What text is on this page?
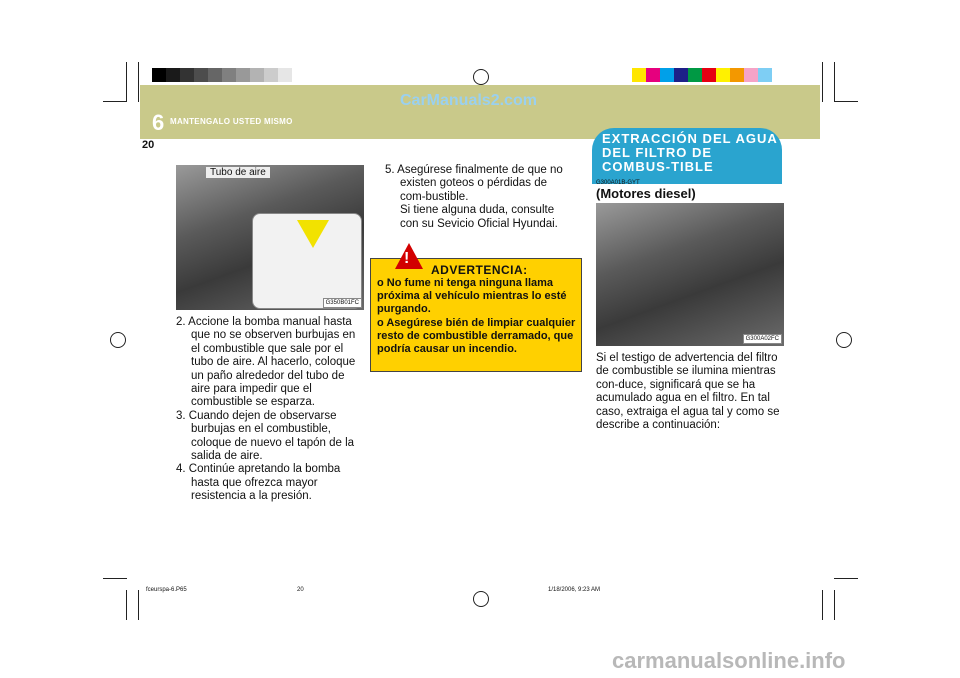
CarManuals2.com
6 MANTENGALO USTED MISMO
20
Tubo de aire
G350B01FC

2. Accione la bomba manual hasta que no se observen burbujas en el combustible que sale por el tubo de aire. Al hacerlo, coloque un paño alrededor del tubo de aire para impedir que el combustible se esparza.

3. Cuando dejen de observarse burbujas en el combustible, coloque de nuevo el tapón de la salida de aire.

4. Continúe apretando la bomba hasta que ofrezca mayor resistencia a la presión.

5. Asegúrese finalmente de que no existen goteos o pérdidas de com-bustible.

Si tiene alguna duda, consulte con su Sevicio Oficial Hyundai.

ADVERTENCIA:
o No fume ni tenga ninguna llama próxima al vehículo mientras lo esté purgando.
o Asegúrese bién de limpiar cualquier resto de combustible derramado, que podría causar un incendio.
!
EXTRACCIÓN DEL AGUA DEL FILTRO DE COMBUS-TIBLE
G300A01B-GYT
(Motores diesel)
G300A02FC
Si el testigo de advertencia del filtro de combustible se ilumina mientras con-duce, significará que se ha acumulado agua en el filtro. En tal caso, extraiga el agua tal y como se describe a continuación:
fceurspa-6.P65	20	1/18/2006, 9:23 AM
carmanualsonline.info
